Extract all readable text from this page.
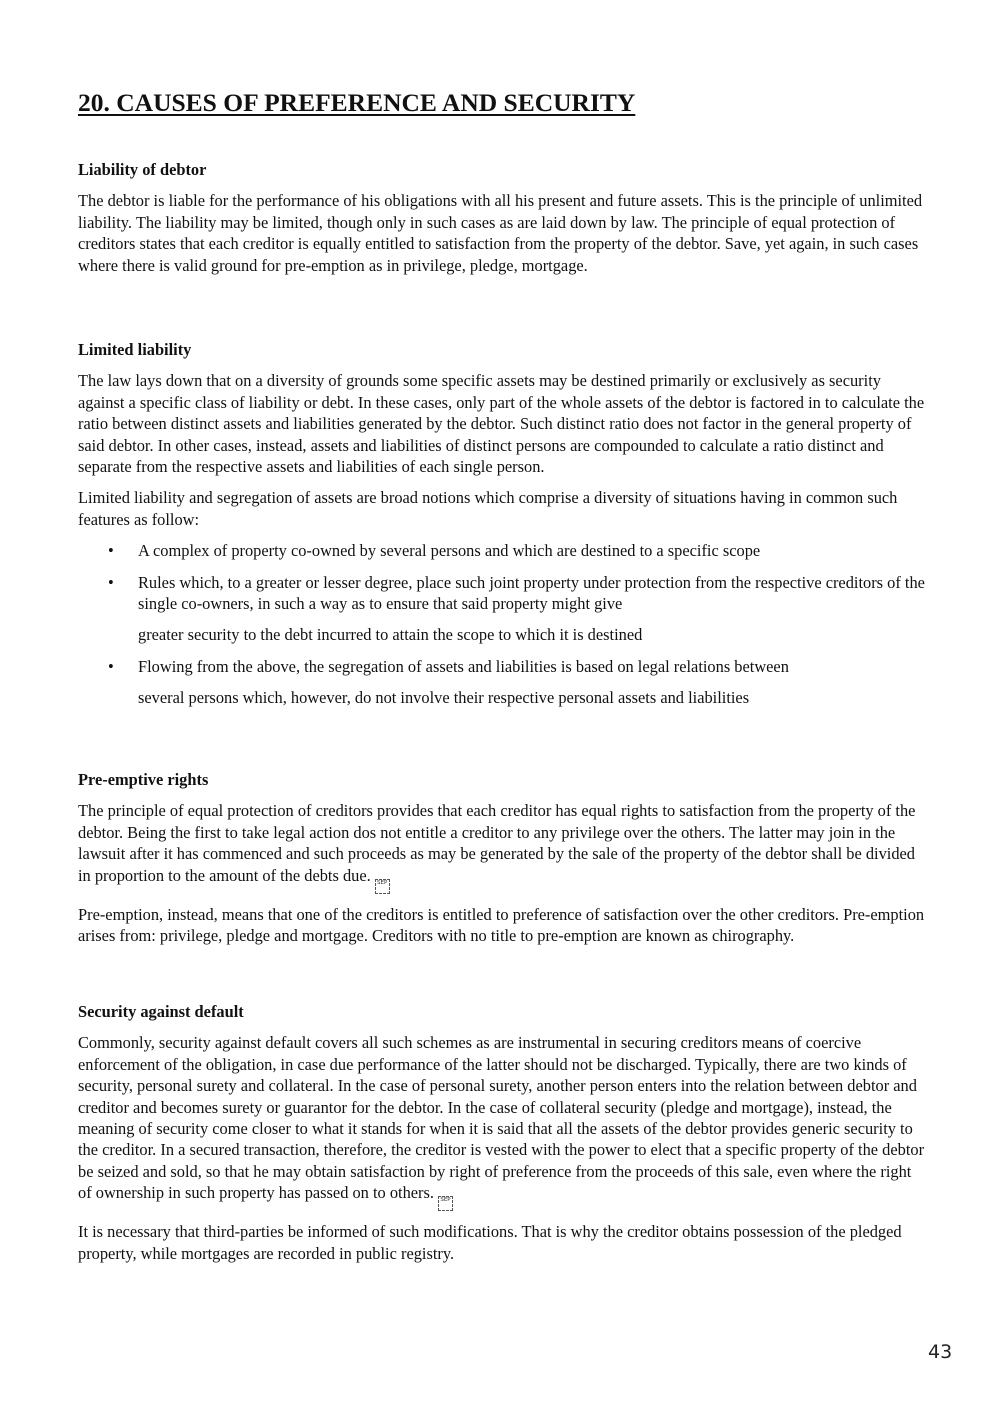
20. CAUSES OF PREFERENCE AND SECURITY
Liability of debtor

The debtor is liable for the performance of his obligations with all his present and future assets. This is the principle of unlimited liability. The liability may be limited, though only in such cases as are laid down by law. The principle of equal protection of creditors states that each creditor is equally entitled to satisfaction from the property of the debtor. Save, yet again, in such cases where there is valid ground for pre-emption as in privilege, pledge, mortgage.

Limited liability

The law lays down that on a diversity of grounds some specific assets may be destined primarily or exclusively as security against a specific class of liability or debt. In these cases, only part of the whole assets of the debtor is factored in to calculate the ratio between distinct assets and liabilities generated by the debtor. Such distinct ratio does not factor in the general property of said debtor. In other cases, instead, assets and liabilities of distinct persons are compounded to calculate a ratio distinct and separate from the respective assets and liabilities of each single person.

Limited liability and segregation of assets are broad notions which comprise a diversity of situations having in common such features as follow:

• A complex of property co-owned by several persons and which are destined to a specific scope
• Rules which, to a greater or lesser degree, place such joint property under protection from the respective creditors of the single co-owners, in such a way as to ensure that said property might give
greater security to the debt incurred to attain the scope to which it is destined
• Flowing from the above, the segregation of assets and liabilities is based on legal relations between
several persons which, however, do not involve their respective personal assets and liabilities
Pre-emptive rights

The principle of equal protection of creditors provides that each creditor has equal rights to satisfaction from the property of the debtor. Being the first to take legal action dos not entitle a creditor to any privilege over the others. The latter may join in the lawsuit after it has commenced and such proceeds as may be generated by the sale of the property of the debtor shall be divided in proportion to the amount of the debts due. SEP

Pre-emption, instead, means that one of the creditors is entitled to preference of satisfaction over the other creditors. Pre-emption arises from: privilege, pledge and mortgage. Creditors with no title to pre-emption are known as chirography.

Security against default

Commonly, security against default covers all such schemes as are instrumental in securing creditors means of coercive enforcement of the obligation, in case due performance of the latter should not be discharged. Typically, there are two kinds of security, personal surety and collateral. In the case of personal surety, another person enters into the relation between debtor and creditor and becomes surety or guarantor for the debtor. In the case of collateral security (pledge and mortgage), instead, the meaning of security come closer to what it stands for when it is said that all the assets of the debtor provides generic security to the creditor. In a secured transaction, therefore, the creditor is vested with the power to elect that a specific property of the debtor be seized and sold, so that he may obtain satisfaction by right of preference from the proceeds of this sale, even where the right of ownership in such property has passed on to others. SEP

It is necessary that third-parties be informed of such modifications. That is why the creditor obtains possession of the pledged property, while mortgages are recorded in public registry.

43
